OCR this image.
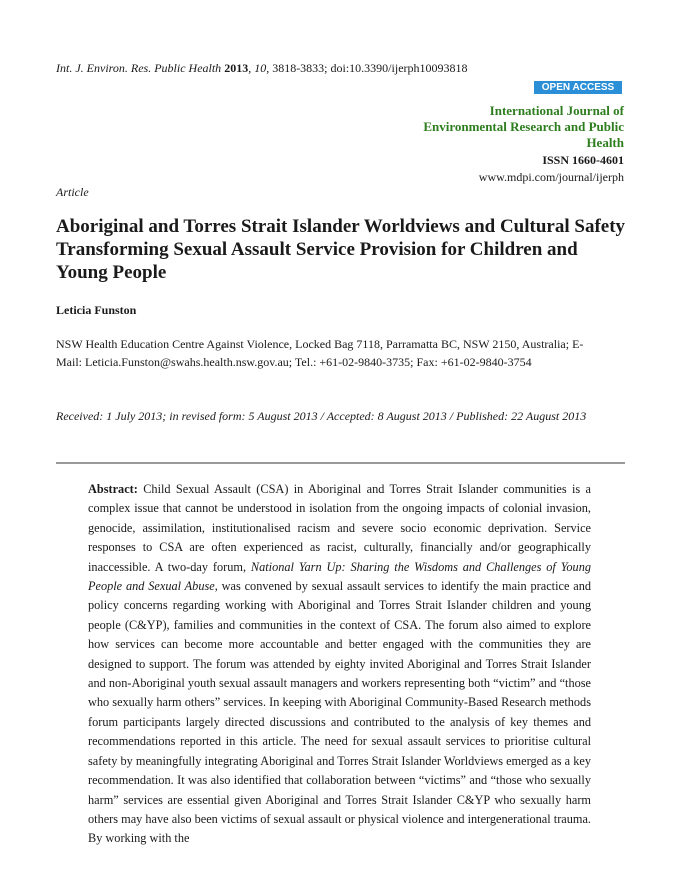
Int. J. Environ. Res. Public Health 2013, 10, 3818-3833; doi:10.3390/ijerph10093818
OPEN ACCESS
International Journal of Environmental Research and Public Health
ISSN 1660-4601
www.mdpi.com/journal/ijerph
Article
Aboriginal and Torres Strait Islander Worldviews and Cultural Safety Transforming Sexual Assault Service Provision for Children and Young People
Leticia Funston
NSW Health Education Centre Against Violence, Locked Bag 7118, Parramatta BC, NSW 2150, Australia; E-Mail: Leticia.Funston@swahs.health.nsw.gov.au; Tel.: +61-02-9840-3735; Fax: +61-02-9840-3754
Received: 1 July 2013; in revised form: 5 August 2013 / Accepted: 8 August 2013 / Published: 22 August 2013

Abstract: Child Sexual Assault (CSA) in Aboriginal and Torres Strait Islander communities is a complex issue that cannot be understood in isolation from the ongoing impacts of colonial invasion, genocide, assimilation, institutionalised racism and severe socio economic deprivation. Service responses to CSA are often experienced as racist, culturally, financially and/or geographically inaccessible. A two-day forum, National Yarn Up: Sharing the Wisdoms and Challenges of Young People and Sexual Abuse, was convened by sexual assault services to identify the main practice and policy concerns regarding working with Aboriginal and Torres Strait Islander children and young people (C&YP), families and communities in the context of CSA. The forum also aimed to explore how services can become more accountable and better engaged with the communities they are designed to support. The forum was attended by eighty invited Aboriginal and Torres Strait Islander and non-Aboriginal youth sexual assault managers and workers representing both “victim” and “those who sexually harm others” services. In keeping with Aboriginal Community-Based Research methods forum participants largely directed discussions and contributed to the analysis of key themes and recommendations reported in this article. The need for sexual assault services to prioritise cultural safety by meaningfully integrating Aboriginal and Torres Strait Islander Worldviews emerged as a key recommendation. It was also identified that collaboration between “victims” and “those who sexually harm” services are essential given Aboriginal and Torres Strait Islander C&YP who sexually harm others may have also been victims of sexual assault or physical violence and intergenerational trauma. By working with the
